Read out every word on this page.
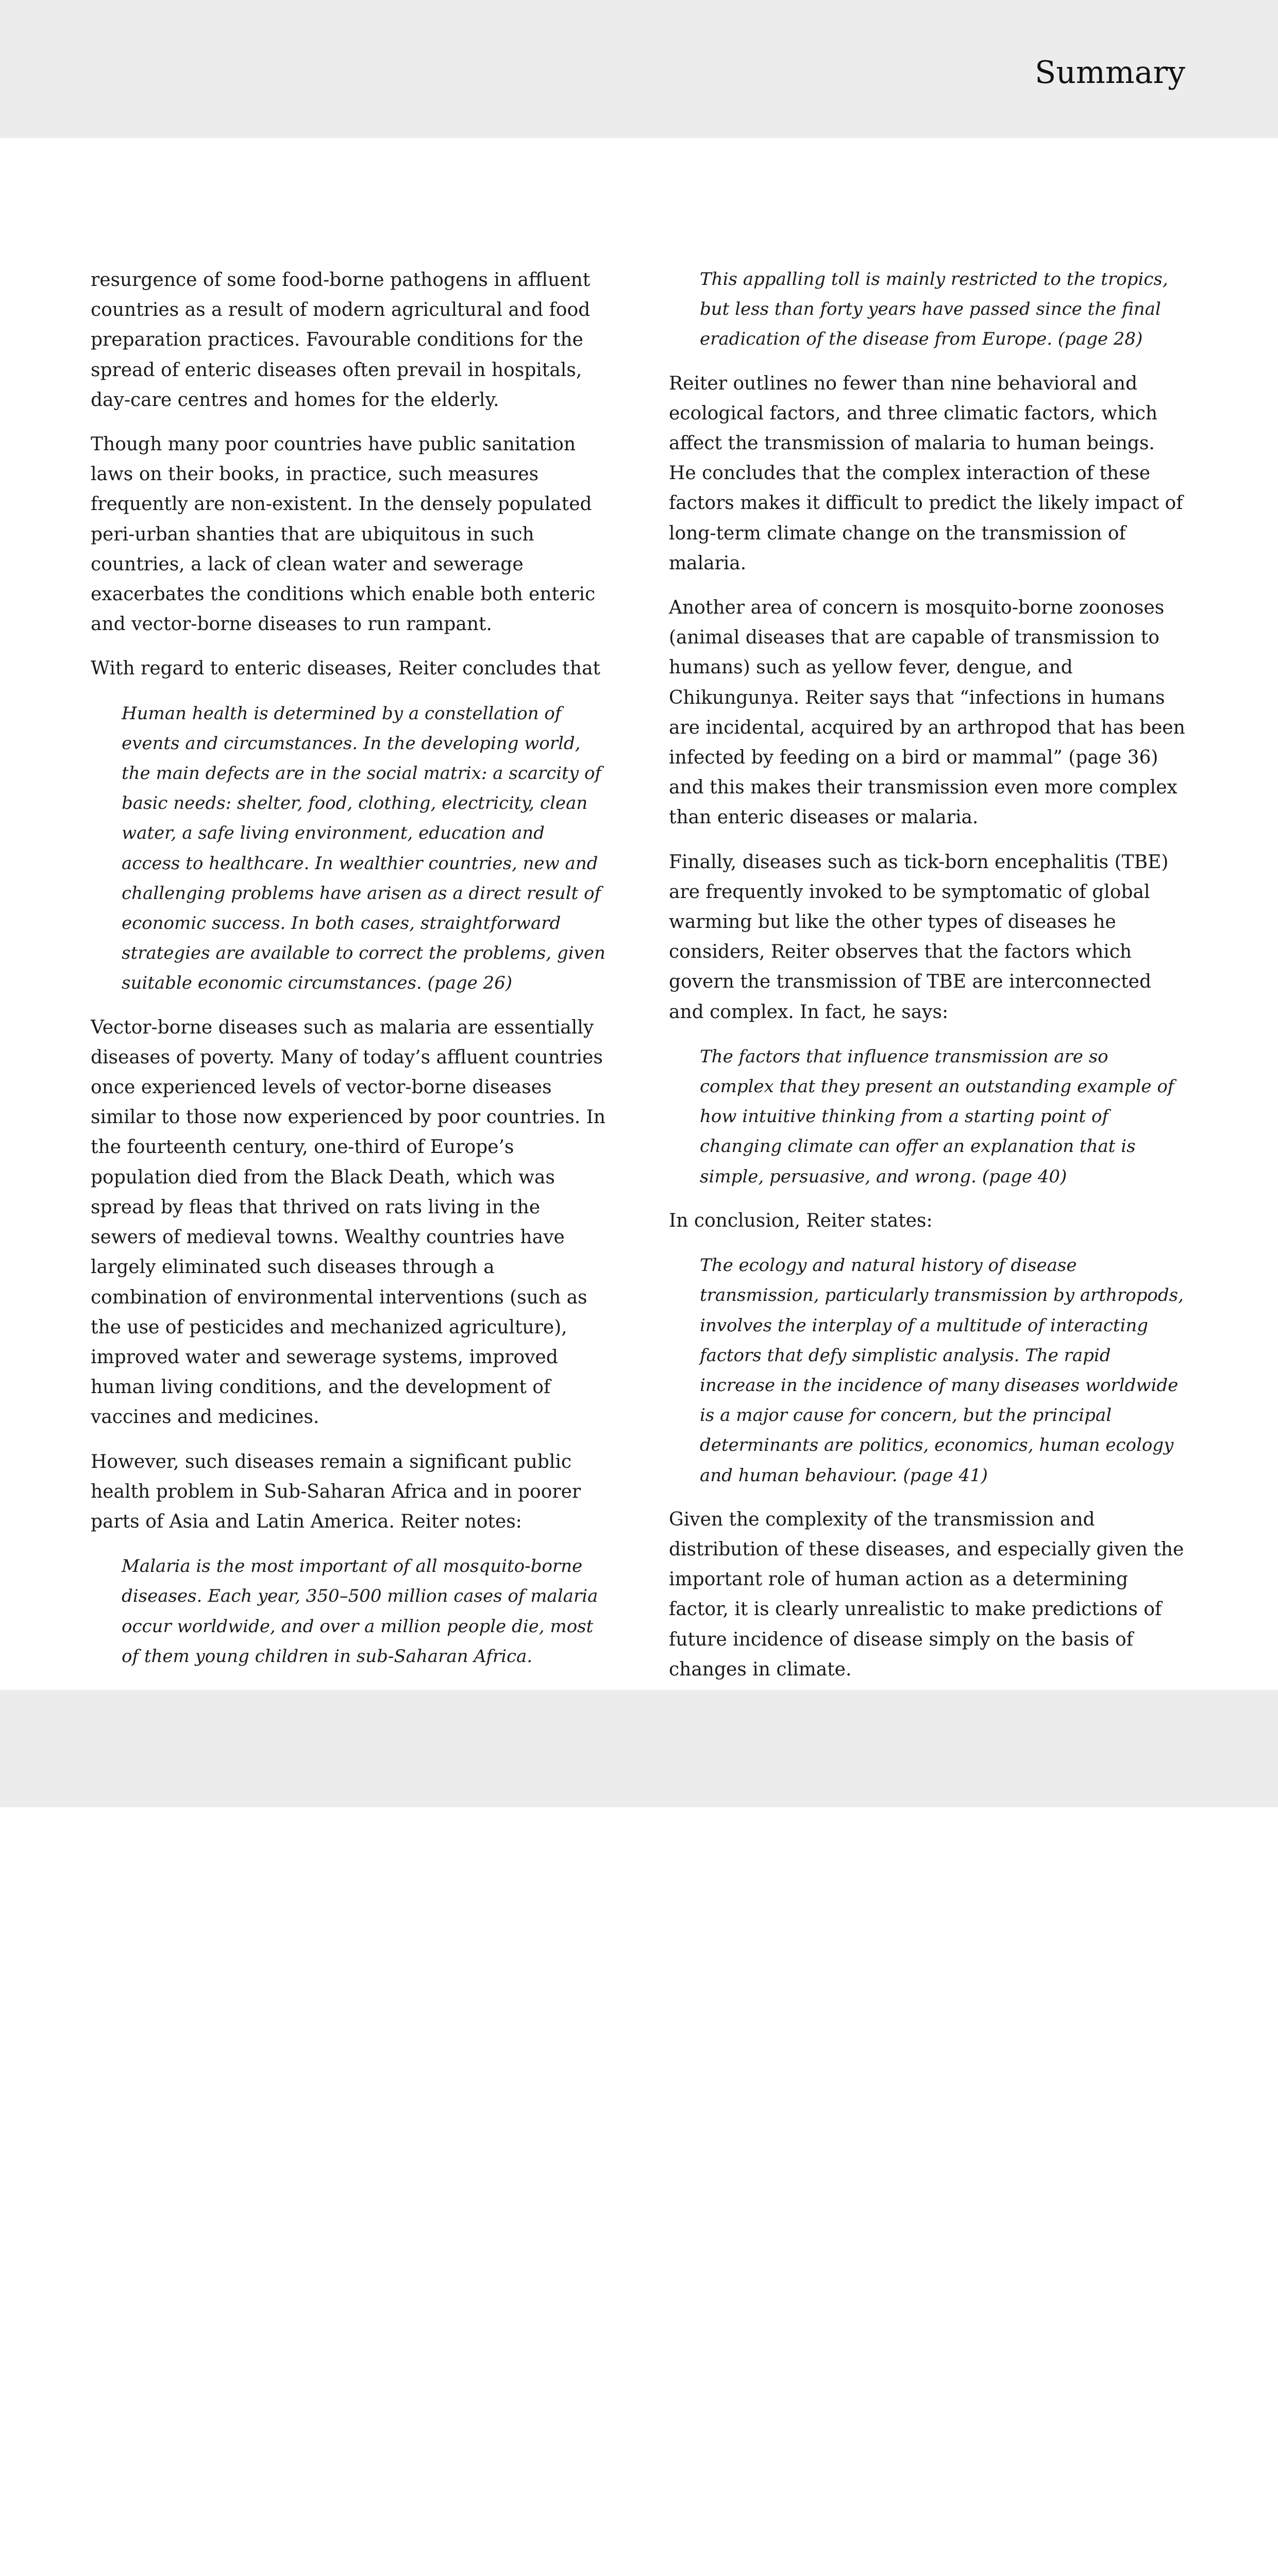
Summary

resurgence of some food-borne pathogens in affluent countries as a result of modern agricultural and food preparation practices. Favourable conditions for the spread of enteric diseases often prevail in hospitals, day-care centres and homes for the elderly.

Though many poor countries have public sanitation laws on their books, in practice, such measures frequently are non-existent. In the densely populated peri-urban shanties that are ubiquitous in such countries, a lack of clean water and sewerage exacerbates the conditions which enable both enteric and vector-borne diseases to run rampant.

With regard to enteric diseases, Reiter concludes that

Human health is determined by a constellation of events and circumstances. In the developing world, the main defects are in the social matrix: a scarcity of basic needs: shelter, food, clothing, electricity, clean water, a safe living environment, education and access to healthcare. In wealthier countries, new and challenging problems have arisen as a direct result of economic success. In both cases, straightforward strategies are available to correct the problems, given suitable economic circumstances. (page 26)

Vector-borne diseases such as malaria are essentially diseases of poverty. Many of today’s affluent countries once experienced levels of vector-borne diseases similar to those now experienced by poor countries. In the fourteenth century, one-third of Europe’s population died from the Black Death, which was spread by fleas that thrived on rats living in the sewers of medieval towns. Wealthy countries have largely eliminated such diseases through a combination of environmental interventions (such as the use of pesticides and mechanized agriculture), improved water and sewerage systems, improved human living conditions, and the development of vaccines and medicines.

However, such diseases remain a significant public health problem in Sub-Saharan Africa and in poorer parts of Asia and Latin America. Reiter notes:

Malaria is the most important of all mosquito-borne diseases. Each year, 350–500 million cases of malaria occur worldwide, and over a million people die, most of them young children in sub-Saharan Africa.

This appalling toll is mainly restricted to the tropics, but less than forty years have passed since the final eradication of the disease from Europe. (page 28)

Reiter outlines no fewer than nine behavioral and ecological factors, and three climatic factors, which affect the transmission of malaria to human beings. He concludes that the complex interaction of these factors makes it difficult to predict the likely impact of long-term climate change on the transmission of malaria.

Another area of concern is mosquito-borne zoonoses (animal diseases that are capable of transmission to humans) such as yellow fever, dengue, and Chikungunya. Reiter says that “infections in humans are incidental, acquired by an arthropod that has been infected by feeding on a bird or mammal” (page 36) and this makes their transmission even more complex than enteric diseases or malaria.

Finally, diseases such as tick-born encephalitis (TBE) are frequently invoked to be symptomatic of global warming but like the other types of diseases he considers, Reiter observes that the factors which govern the transmission of TBE are interconnected and complex. In fact, he says:

The factors that influence transmission are so complex that they present an outstanding example of how intuitive thinking from a starting point of changing climate can offer an explanation that is simple, persuasive, and wrong. (page 40)

In conclusion, Reiter states:

The ecology and natural history of disease transmission, particularly transmission by arthropods, involves the interplay of a multitude of interacting factors that defy simplistic analysis. The rapid increase in the incidence of many diseases worldwide is a major cause for concern, but the principal determinants are politics, economics, human ecology and human behaviour. (page 41)

Given the complexity of the transmission and distribution of these diseases, and especially given the important role of human action as a determining factor, it is clearly unrealistic to make predictions of future incidence of disease simply on the basis of changes in climate.
